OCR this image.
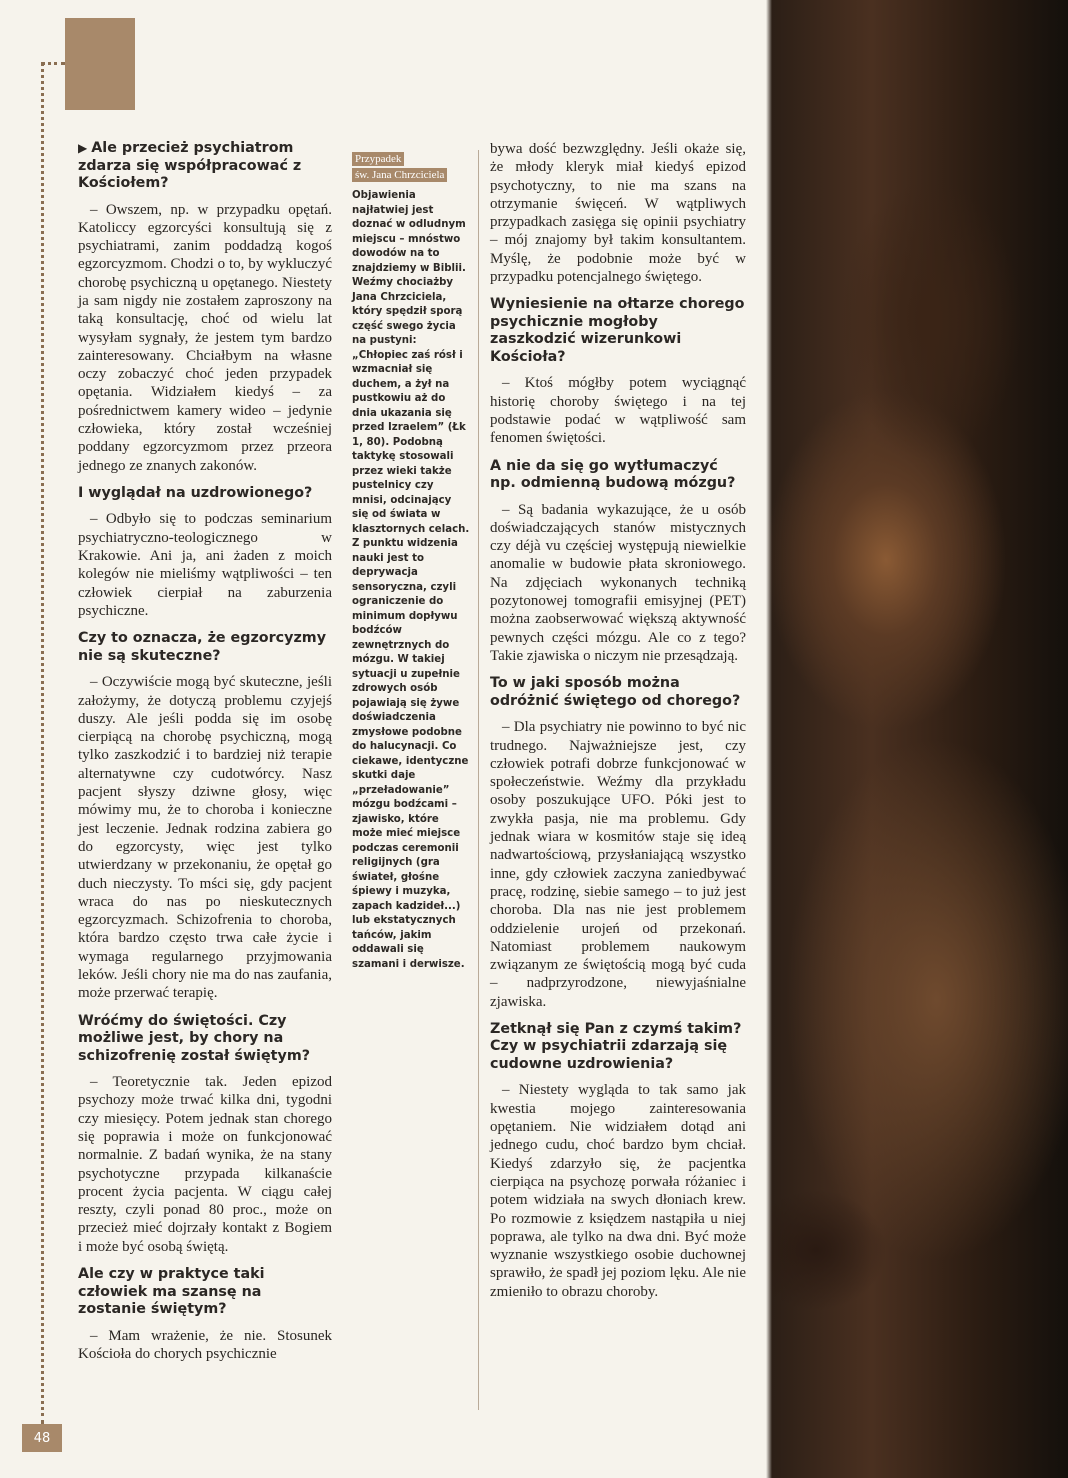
▶ Ale przecież psychiatrom zdarza się współpracować z Kościołem?

– Owszem, np. w przypadku opętań. Katoliccy egzorcyści konsultują się z psychiatrami, zanim poddadzą kogoś egzorcyzmom. Chodzi o to, by wykluczyć chorobę psychiczną u opętanego. Niestety ja sam nigdy nie zostałem zaproszony na taką konsultację, choć od wielu lat wysyłam sygnały, że jestem tym bardzo zainteresowany. Chciałbym na własne oczy zobaczyć choć jeden przypadek opętania. Widziałem kiedyś – za pośrednictwem kamery wideo – jedynie człowieka, który został wcześniej poddany egzorcyzmom przez przeora jednego ze znanych zakonów.

I wyglądał na uzdrowionego?

– Odbyło się to podczas seminarium psychiatryczno-teologicznego w Krakowie. Ani ja, ani żaden z moich kolegów nie mieliśmy wątpliwości – ten człowiek cierpiał na zaburzenia psychiczne.

Czy to oznacza, że egzorcyzmy nie są skuteczne?

– Oczywiście mogą być skuteczne, jeśli założymy, że dotyczą problemu czyjejś duszy. Ale jeśli podda się im osobę cierpiącą na chorobę psychiczną, mogą tylko zaszkodzić i to bardziej niż terapie alternatywne czy cudotwórcy. Nasz pacjent słyszy dziwne głosy, więc mówimy mu, że to choroba i konieczne jest leczenie. Jednak rodzina zabiera go do egzorcysty, więc jest tylko utwierdzany w przekonaniu, że opętał go duch nieczysty. To mści się, gdy pacjent wraca do nas po nieskutecznych egzorcyzmach. Schizofrenia to choroba, która bardzo często trwa całe życie i wymaga regularnego przyjmowania leków. Jeśli chory nie ma do nas zaufania, może przerwać terapię.

Wróćmy do świętości. Czy możliwe jest, by chory na schizofrenię został świętym?

– Teoretycznie tak. Jeden epizod psychozy może trwać kilka dni, tygodni czy miesięcy. Potem jednak stan chorego się poprawia i może on funkcjonować normalnie. Z badań wynika, że na stany psychotyczne przypada kilkanaście procent życia pacjenta. W ciągu całej reszty, czyli ponad 80 proc., może on przecież mieć dojrzały kontakt z Bogiem i może być osobą świętą.

Ale czy w praktyce taki człowiek ma szansę na zostanie świętym?

– Mam wrażenie, że nie. Stosunek Kościoła do chorych psychicznie

Przypadek
św. Jana Chrzciciela
Objawienia najłatwiej jest doznać w odludnym miejscu – mnóstwo dowodów na to znajdziemy w Biblii. Weźmy chociażby Jana Chrzciciela, który spędził sporą część swego życia na pustyni: „Chłopiec zaś rósł i wzmacniał się duchem, a żył na pustkowiu aż do dnia ukazania się przed Izraelem” (Łk 1, 80). Podobną taktykę stosowali przez wieki także pustelnicy czy mnisi, odcinający się od świata w klasztornych celach. Z punktu widzenia nauki jest to deprywacja sensoryczna, czyli ograniczenie do minimum dopływu bodźców zewnętrznych do mózgu. W takiej sytuacji u zupełnie zdrowych osób pojawiają się żywe doświadczenia zmysłowe podobne do halucynacji. Co ciekawe, identyczne skutki daje „przeładowanie” mózgu bodźcami – zjawisko, które może mieć miejsce podczas ceremonii religijnych (gra świateł, głośne śpiewy i muzyka, zapach kadzideł...) lub ekstatycznych tańców, jakim oddawali się szamani i derwisze.

bywa dość bezwzględny. Jeśli okaże się, że młody kleryk miał kiedyś epizod psychotyczny, to nie ma szans na otrzymanie święceń. W wątpliwych przypadkach zasięga się opinii psychiatry – mój znajomy był takim konsultantem. Myślę, że podobnie może być w przypadku potencjalnego świętego.

Wyniesienie na ołtarze chorego psychicznie mogłoby zaszkodzić wizerunkowi Kościoła?

– Ktoś mógłby potem wyciągnąć historię choroby świętego i na tej podstawie podać w wątpliwość sam fenomen świętości.

A nie da się go wytłumaczyć np. odmienną budową mózgu?

– Są badania wykazujące, że u osób doświadczających stanów mistycznych czy déjà vu częściej występują niewielkie anomalie w budowie płata skroniowego. Na zdjęciach wykonanych techniką pozytonowej tomografii emisyjnej (PET) można zaobserwować większą aktywność pewnych części mózgu. Ale co z tego? Takie zjawiska o niczym nie przesądzają.

To w jaki sposób można odróżnić świętego od chorego?

– Dla psychiatry nie powinno to być nic trudnego. Najważniejsze jest, czy człowiek potrafi dobrze funkcjonować w społeczeństwie. Weźmy dla przykładu osoby poszukujące UFO. Póki jest to zwykła pasja, nie ma problemu. Gdy jednak wiara w kosmitów staje się ideą nadwartościową, przysłaniającą wszystko inne, gdy człowiek zaczyna zaniedbywać pracę, rodzinę, siebie samego – to już jest choroba. Dla nas nie jest problemem oddzielenie urojeń od przekonań. Natomiast problemem naukowym związanym ze świętością mogą być cuda – nadprzyrodzone, niewyjaśnialne zjawiska.

Zetknął się Pan z czymś takim? Czy w psychiatrii zdarzają się cudowne uzdrowienia?

– Niestety wygląda to tak samo jak kwestia mojego zainteresowania opętaniem. Nie widziałem dotąd ani jednego cudu, choć bardzo bym chciał. Kiedyś zdarzyło się, że pacjentka cierpiąca na psychozę porwała różaniec i potem widziała na swych dłoniach krew. Po rozmowie z księdzem nastąpiła u niej poprawa, ale tylko na dwa dni. Być może wyznanie wszystkiego osobie duchownej sprawiło, że spadł jej poziom lęku. Ale nie zmieniło to obrazu choroby.

48
